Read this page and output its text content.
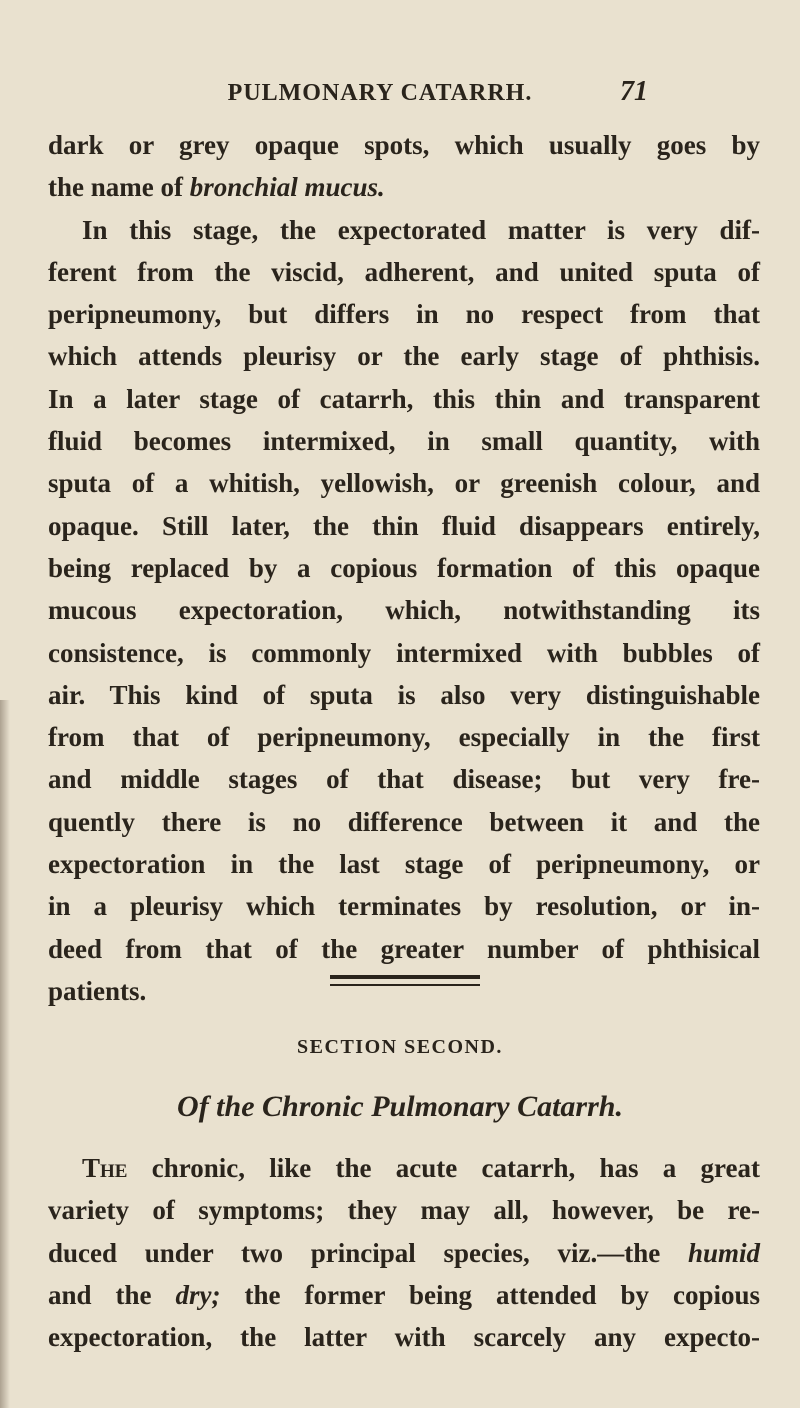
PULMONARY CATARRH.	71
dark or grey opaque spots, which usually goes by
the name of bronchial mucus.
In this stage, the expectorated matter is very dif-
ferent from the viscid, adherent, and united sputa of
peripneumony, but differs in no respect from that
which attends pleurisy or the early stage of phthisis.
In a later stage of catarrh, this thin and transparent
fluid becomes intermixed, in small quantity, with
sputa of a whitish, yellowish, or greenish colour, and
opaque. Still later, the thin fluid disappears entirely,
being replaced by a copious formation of this opaque
mucous expectoration, which, notwithstanding its
consistence, is commonly intermixed with bubbles of
air. This kind of sputa is also very distinguishable
from that of peripneumony, especially in the first
and middle stages of that disease; but very fre-
quently there is no difference between it and the
expectoration in the last stage of peripneumony, or
in a pleurisy which terminates by resolution, or in-
deed from that of the greater number of phthisical
patients.
SECTION SECOND.
Of the Chronic Pulmonary Catarrh.
The chronic, like the acute catarrh, has a great
variety of symptoms; they may all, however, be re-
duced under two principal species, viz.—the humid
and the dry; the former being attended by copious
expectoration, the latter with scarcely any expecto-
